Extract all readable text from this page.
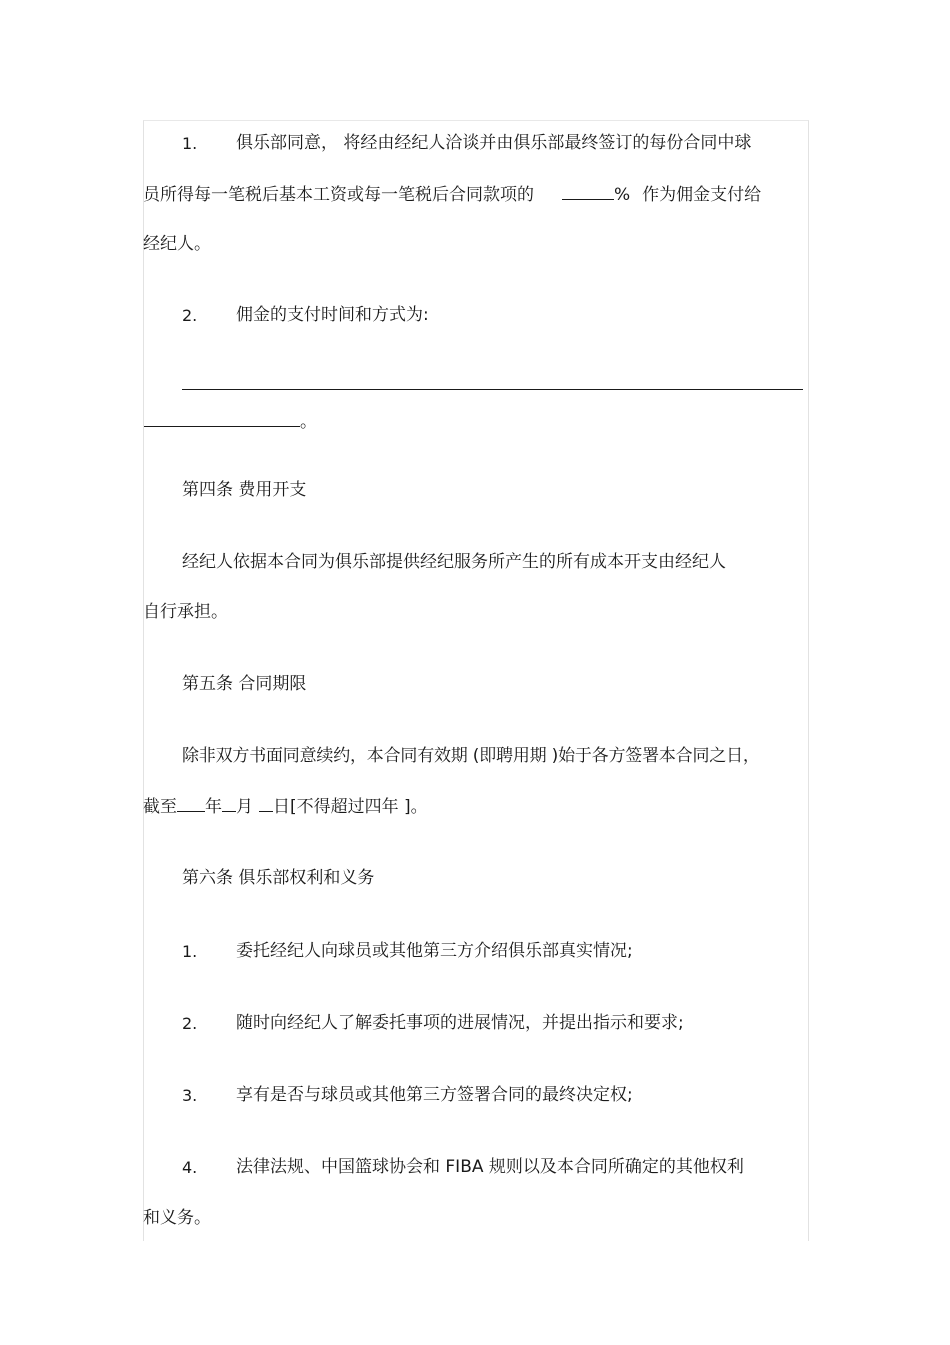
1. 俱乐部同意， 将经由经纪人洽谈并由俱乐部最终签订的每份合同中球
员所得每一笔税后基本工资或每一笔税后合同款项的	% 作为佣金支付给
经纪人。
2. 佣金的支付时间和方式为:
。
第四条 费用开支
经纪人依据本合同为俱乐部提供经纪服务所产生的所有成本开支由经纪人
自行承担。
第五条 合同期限
除非双方书面同意续约，本合同有效期 (即聘用期 )始于各方签署本合同之日，
截至 年 月 日[不得超过四年 ]。
第六条 俱乐部权利和义务
1. 委托经纪人向球员或其他第三方介绍俱乐部真实情况;
2. 随时向经纪人了解委托事项的进展情况，并提出指示和要求;
3. 享有是否与球员或其他第三方签署合同的最终决定权;
4. 法律法规、中国篮球协会和 FIBA 规则以及本合同所确定的其他权利
和义务。
